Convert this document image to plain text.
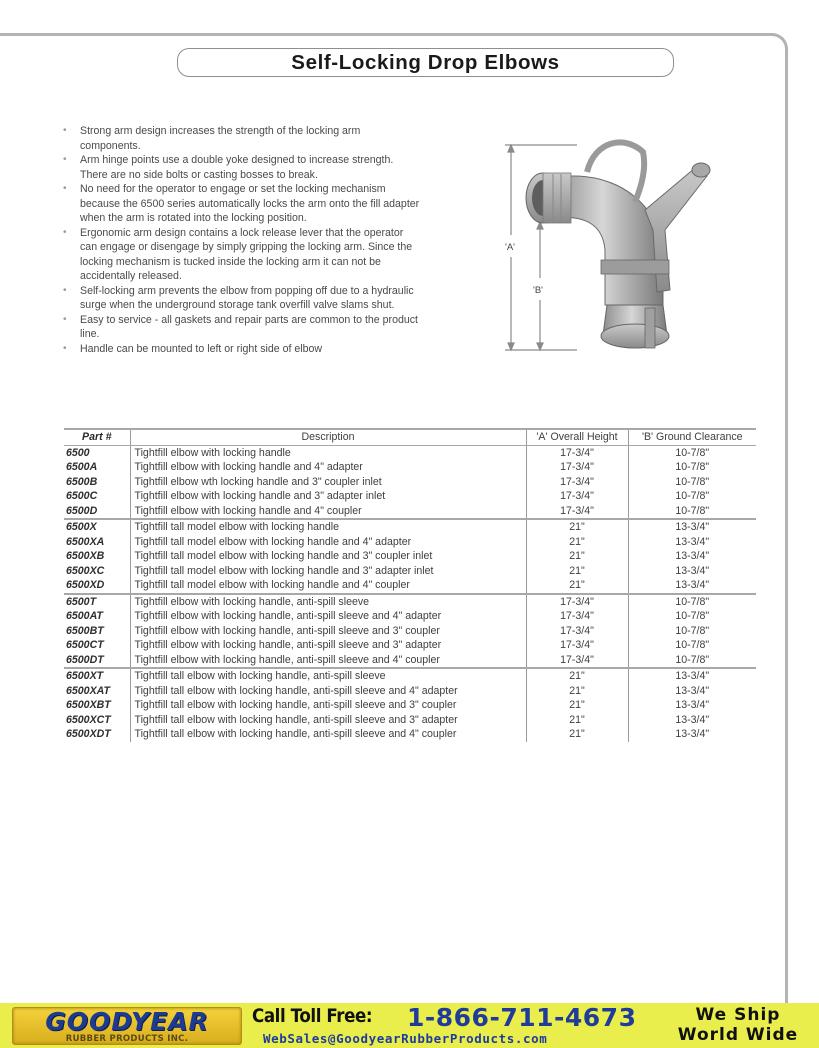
Self-Locking Drop Elbows
• Strong arm design increases the strength of the locking arm components.
• Arm hinge points use a double yoke designed to increase strength. There are no side bolts or casting bosses to break.
• No need for the operator to engage or set the locking mechanism because the 6500 series automatically locks the arm onto the fill adapter when the arm is rotated into the locking position.
• Ergonomic arm design contains a lock release lever that the operator can engage or disengage by simply gripping the locking arm. Since the locking mechanism is tucked inside the locking arm it can not be accidentally released.
• Self-locking arm prevents the elbow from popping off due to a hydraulic surge when the underground storage tank overfill valve slams shut.
• Easy to service - all gaskets and repair parts are common to the product line.
• Handle can be mounted to left or right side of elbow
'A'
'B'
Part #	Description	'A' Overall Height	'B' Ground Clearance
6500	Tightfill elbow with locking handle	17-3/4"	10-7/8"
6500A	Tightfill elbow with locking handle and 4" adapter	17-3/4"	10-7/8"
6500B	Tightfill elbow wth locking handle and 3" coupler inlet	17-3/4"	10-7/8"
6500C	Tightfill elbow with locking handle and 3" adapter inlet	17-3/4"	10-7/8"
6500D	Tightfill elbow with locking handle and 4" coupler	17-3/4"	10-7/8"
6500X	Tightfill tall model elbow with locking handle	21"	13-3/4"
6500XA	Tightfill tall model elbow with locking handle and 4" adapter	21"	13-3/4"
6500XB	Tightfill tall model elbow with locking handle and 3" coupler inlet	21"	13-3/4"
6500XC	Tightfill tall model elbow with locking handle and 3" adapter inlet	21"	13-3/4"
6500XD	Tightfill tall model elbow with locking handle and 4" coupler	21"	13-3/4"
6500T	Tightfill elbow with locking handle, anti-spill sleeve	17-3/4"	10-7/8"
6500AT	Tightfill elbow with locking handle, anti-spill sleeve and 4" adapter	17-3/4"	10-7/8"
6500BT	Tightfill elbow with locking handle, anti-spill sleeve and 3" coupler	17-3/4"	10-7/8"
6500CT	Tightfill elbow with locking handle, anti-spill sleeve and 3" adapter	17-3/4"	10-7/8"
6500DT	Tightfill elbow with locking handle, anti-spill sleeve and 4" coupler	17-3/4"	10-7/8"
6500XT	Tightfill tall elbow with locking handle, anti-spill sleeve	21"	13-3/4"
6500XAT	Tightfill tall elbow with locking handle, anti-spill sleeve and 4" adapter	21"	13-3/4"
6500XBT	Tightfill tall elbow with locking handle, anti-spill sleeve and 3" coupler	21"	13-3/4"
6500XCT	Tightfill tall elbow with locking handle, anti-spill sleeve and 3" adapter	21"	13-3/4"
6500XDT	Tightfill tall elbow with locking handle, anti-spill sleeve and 4" coupler	21"	13-3/4"
GOODYEAR
RUBBER PRODUCTS INC.
Call Toll Free: 1-866-711-4673
WebSales@GoodyearRubberProducts.com
We Ship
World Wide
